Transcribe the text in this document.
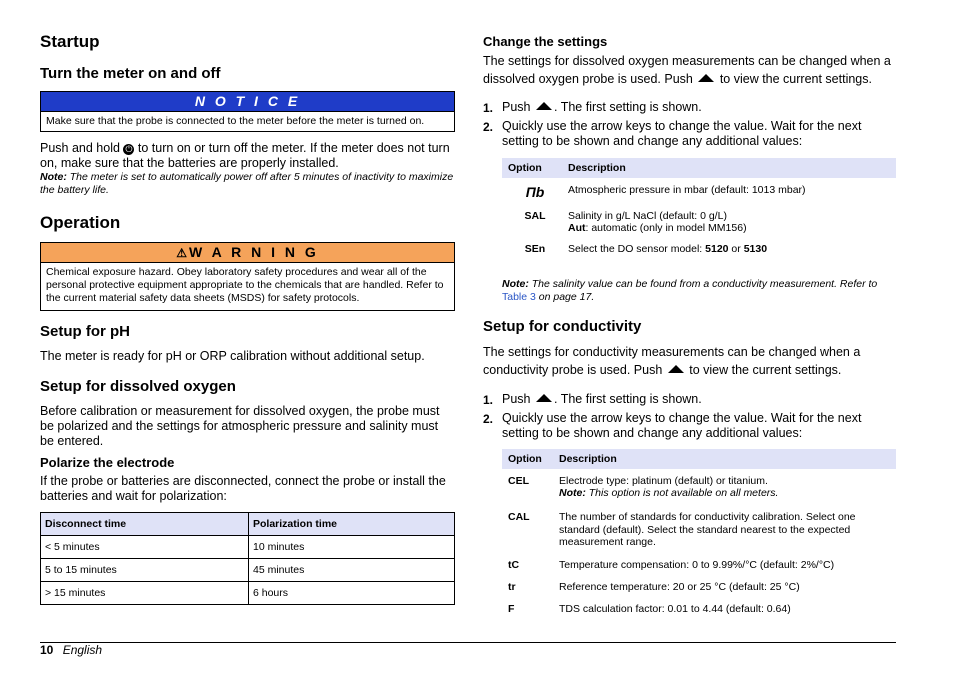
Startup
Turn the meter on and off
N O T I C E
Make sure that the probe is connected to the meter before the meter is turned on.

Push and hold ⏻ to turn on or turn off the meter. If the meter does not turn on, make sure that the batteries are properly installed.

Note: The meter is set to automatically power off after 5 minutes of inactivity to maximize the battery life.

Operation
⚠ W A R N I N G
Chemical exposure hazard. Obey laboratory safety procedures and wear all of the personal protective equipment appropriate to the chemicals that are handled. Refer to the current material safety data sheets (MSDS) for safety protocols.
Setup for pH

The meter is ready for pH or ORP calibration without additional setup.

Setup for dissolved oxygen

Before calibration or measurement for dissolved oxygen, the probe must be polarized and the settings for atmospheric pressure and salinity must be entered.

Polarize the electrode

If the probe or batteries are disconnected, connect the probe or install the batteries and wait for polarization:

Disconnect time	Polarization time
< 5 minutes	10 minutes
5 to 15 minutes	45 minutes
> 15 minutes	6 hours
Change the settings

The settings for dissolved oxygen measurements can be changed when a dissolved oxygen probe is used. Push to view the current settings.

1. Push . The first setting is shown.

2. Quickly use the arrow keys to change the value. Wait for the next setting to be shown and change any additional values:

Option	Description
Πb	Atmospheric pressure in mbar (default: 1013 mbar)
SAL	Salinity in g/L NaCl (default: 0 g/L)
Aut: automatic (only in model MM156)
SEn	Select the DO sensor model: 5120 or 5130

Note: The salinity value can be found from a conductivity measurement. Refer to Table 3 on page 17.

Setup for conductivity

The settings for conductivity measurements can be changed when a conductivity probe is used. Push to view the current settings.

1. Push . The first setting is shown.

2. Quickly use the arrow keys to change the value. Wait for the next setting to be shown and change any additional values:

Option	Description
CEL	Electrode type: platinum (default) or titanium.
Note: This option is not available on all meters.
CAL	The number of standards for conductivity calibration. Select one standard (default). Select the standard nearest to the expected measurement range.
tC	Temperature compensation: 0 to 9.99%/°C (default: 2%/°C)
tr	Reference temperature: 20 or 25 °C (default: 25 °C)
F	TDS calculation factor: 0.01 to 4.44 (default: 0.64)
10 English
